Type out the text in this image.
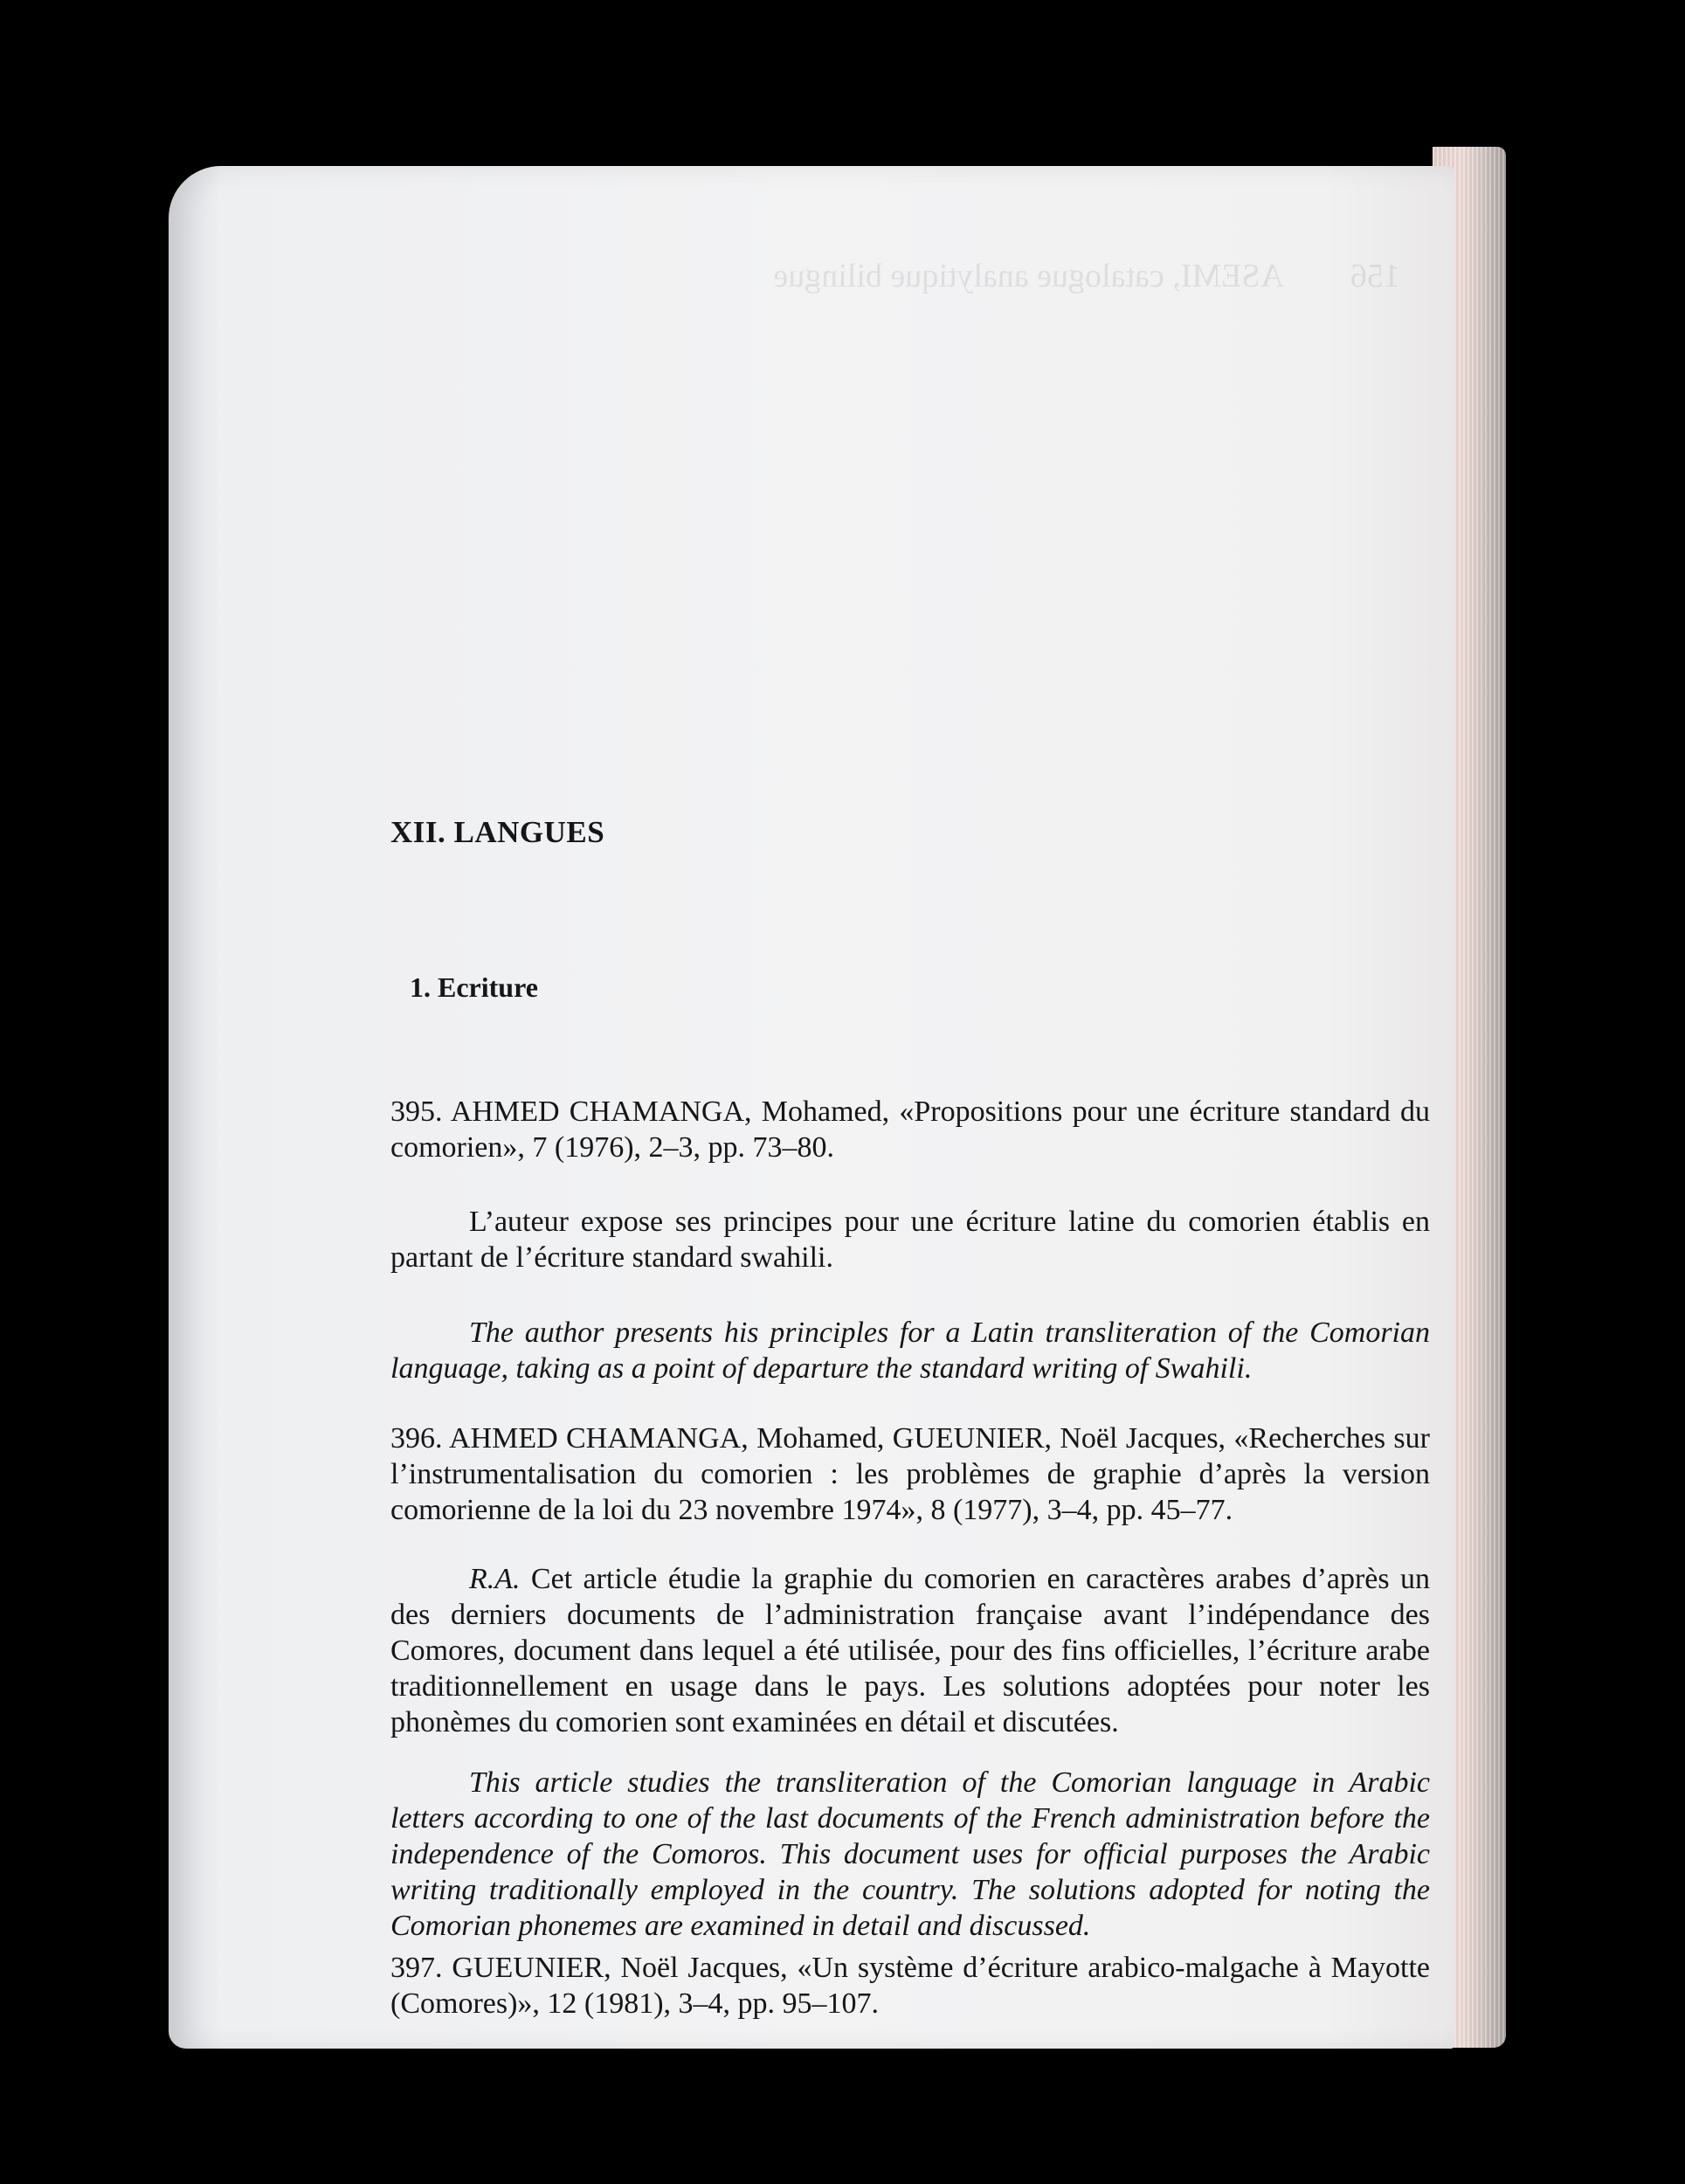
156        ASEMI, catalogue analytique bilingue

XII. LANGUES
1. Ecriture

395. AHMED CHAMANGA, Mohamed, «Propositions pour une écriture standard du comorien», 7 (1976), 2–3, pp. 73–80.

L’auteur expose ses principes pour une écriture latine du comorien établis en partant de l’écriture standard swahili.

The author presents his principles for a Latin transliteration of the Comorian language, taking as a point of departure the standard writing of Swahili.

396. AHMED CHAMANGA, Mohamed, GUEUNIER, Noël Jacques, «Recherches sur l’instrumentalisation du comorien : les problèmes de graphie d’après la version comorienne de la loi du 23 novembre 1974», 8 (1977), 3–4, pp. 45–77.

R.A. Cet article étudie la graphie du comorien en caractères arabes d’après un des derniers documents de l’administration française avant l’indépendance des Comores, document dans lequel a été utilisée, pour des fins officielles, l’écriture arabe traditionnellement en usage dans le pays. Les solutions adoptées pour noter les phonèmes du comorien sont examinées en détail et discutées.

This article studies the transliteration of the Comorian language in Arabic letters according to one of the last documents of the French administration before the independence of the Comoros. This document uses for official purposes the Arabic writing traditionally employed in the country. The solutions adopted for noting the Comorian phonemes are examined in detail and discussed.

397. GUEUNIER, Noël Jacques, «Un système d’écriture arabico-malgache à Mayotte (Comores)», 12 (1981), 3–4, pp. 95–107.
